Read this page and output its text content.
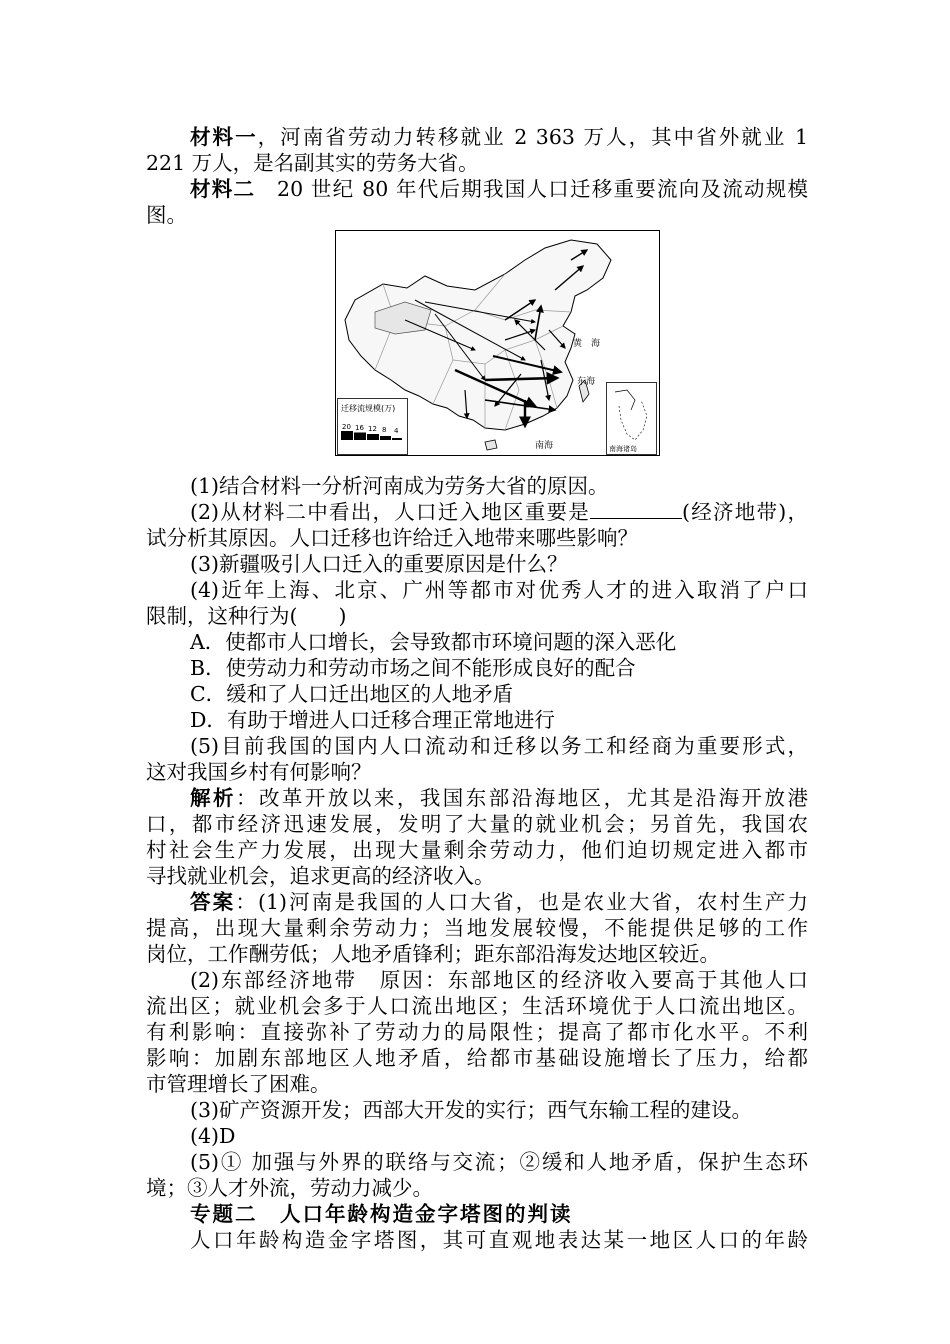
材料一，河南省劳动力转移就业 2 363 万人，其中省外就业 1
221 万人，是名副其实的劳务大省。
材料二　 20 世纪 80 年代后期我国人口迁移重要流向及流动规模
图。
黄　海
东海
南海	南海诸岛
迁移流规模(万)
20 16 12 8 4
(1)结合材料一分析河南成为劳务大省的原因。
(2)从材料二中看出，人口迁入地区重要是	(经济地带)，
试分析其原因。人口迁移也许给迁入地带来哪些影响？
(3)新疆吸引人口迁入的重要原因是什么？
(4)近年上海、北京、广州等都市对优秀人才的进入取消了户口
限制，这种行为(　　)
A．使都市人口增长，会导致都市环境问题的深入恶化
B．使劳动力和劳动市场之间不能形成良好的配合
C．缓和了人口迁出地区的人地矛盾
D．有助于增进人口迁移合理正常地进行
(5)目前我国的国内人口流动和迁移以务工和经商为重要形式，
这对我国乡村有何影响？
解析：改革开放以来，我国东部沿海地区，尤其是沿海开放港
口，都市经济迅速发展，发明了大量的就业机会；另首先，我国农
村社会生产力发展，出现大量剩余劳动力，他们迫切规定进入都市
寻找就业机会，追求更高的经济收入。
答案：(1)河南是我国的人口大省，也是农业大省，农村生产力
提高，出现大量剩余劳动力；当地发展较慢，不能提供足够的工作
岗位，工作酬劳低；人地矛盾锋利；距东部沿海发达地区较近。
(2)东部经济地带　原因：东部地区的经济收入要高于其他人口
流出区；就业机会多于人口流出地区；生活环境优于人口流出地区。
有利影响：直接弥补了劳动力的局限性；提高了都市化水平。不利
影响：加剧东部地区人地矛盾，给都市基础设施增长了压力，给都
市管理增长了困难。
(3)矿产资源开发；西部大开发的实行；西气东输工程的建设。
(4)D
(5)① 加强与外界的联络与交流；②缓和人地矛盾，保护生态环
境；③人才外流，劳动力减少。
专题二　人口年龄构造金字塔图的判读
人口年龄构造金字塔图，其可直观地表达某一地区人口的年龄
